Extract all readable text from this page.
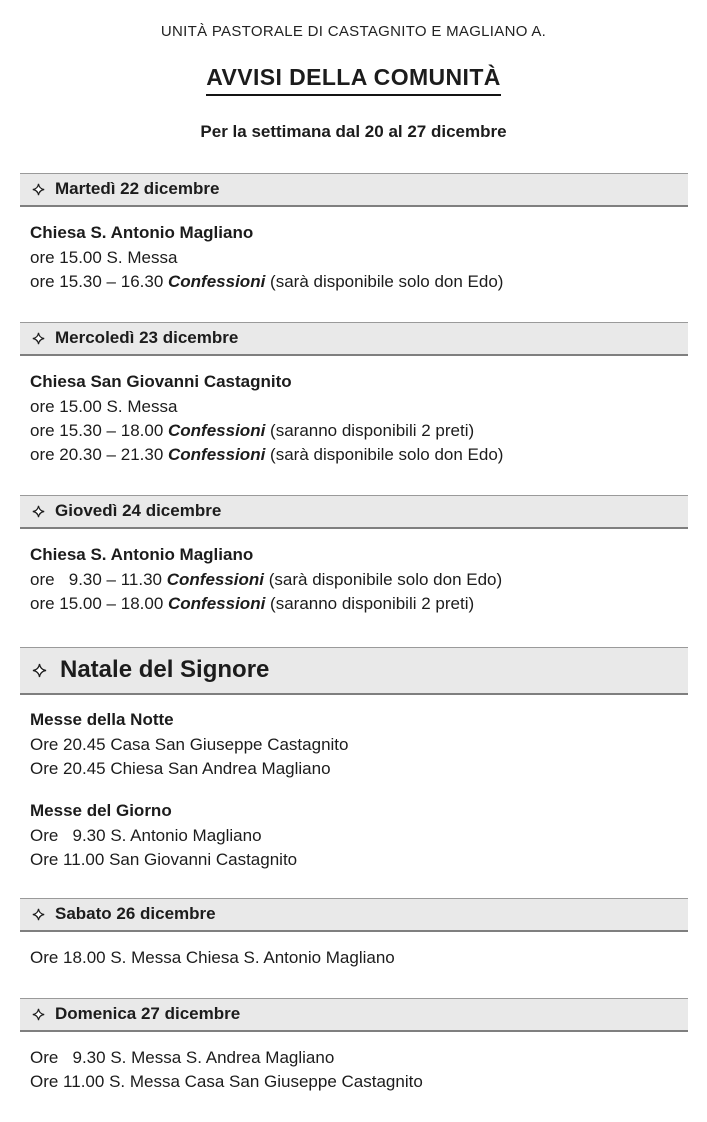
UNITÀ PASTORALE DI CASTAGNITO E MAGLIANO A.

AVVISI DELLA COMUNITÀ

Per la settimana dal 20 al 27 dicembre

Martedì 22 dicembre

Chiesa S. Antonio Magliano

ore 15.00 S. Messa

ore 15.30 – 16.30 Confessioni (sarà disponibile solo don Edo)

Mercoledì 23 dicembre

Chiesa San Giovanni Castagnito

ore 15.00 S. Messa

ore 15.30 – 18.00 Confessioni (saranno disponibili 2 preti)

ore 20.30 – 21.30 Confessioni (sarà disponibile solo don Edo)

Giovedì 24 dicembre

Chiesa S. Antonio Magliano

ore   9.30 – 11.30 Confessioni (sarà disponibile solo don Edo)

ore 15.00 – 18.00 Confessioni (saranno disponibili 2 preti)

Natale del Signore

Messe della Notte

Ore 20.45 Casa San Giuseppe Castagnito

Ore 20.45 Chiesa San Andrea Magliano

Messe del Giorno

Ore   9.30 S. Antonio Magliano

Ore 11.00 San Giovanni Castagnito

Sabato 26 dicembre

Ore 18.00 S. Messa Chiesa S. Antonio Magliano

Domenica 27 dicembre

Ore   9.30 S. Messa S. Andrea Magliano

Ore 11.00 S. Messa Casa San Giuseppe Castagnito
